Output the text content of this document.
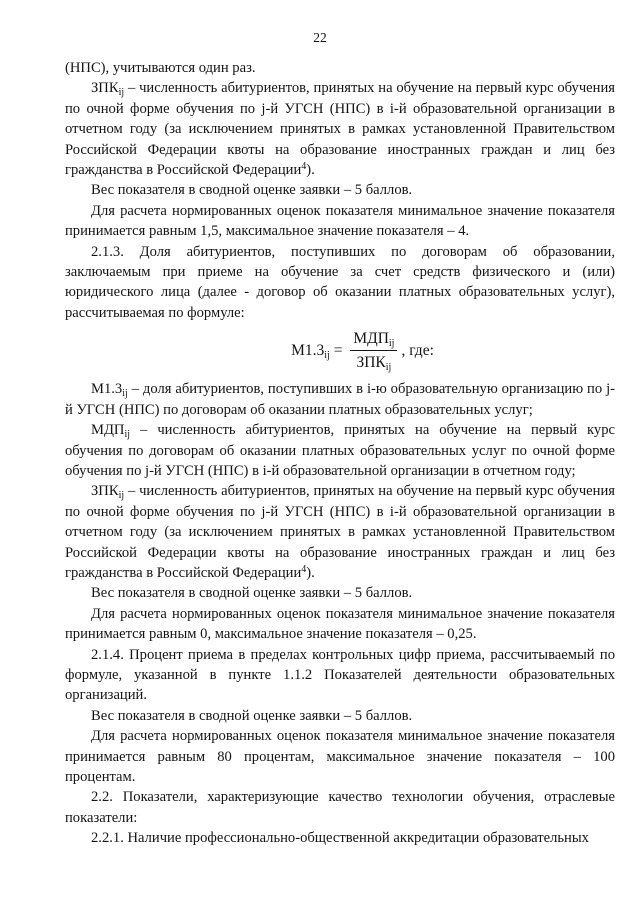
22

(НПС), учитываются один раз.

$ЗПК_{ij}$ – численность абитуриентов, принятых на обучение на первый курс обучения по очной форме обучения по j-й УГСН (НПС) в i-й образовательной организации в отчетном году (за исключением принятых в рамках установленной Правительством Российской Федерации квоты на образование иностранных граждан и лиц без гражданства в Российской Федерации$^4$).

Вес показателя в сводной оценке заявки – 5 баллов.

Для расчета нормированных оценок показателя минимальное значение показателя принимается равным 1,5, максимальное значение показателя – 4.

2.1.3. Доля абитуриентов, поступивших по договорам об образовании, заключаемым при приеме на обучение за счет средств физического и (или) юридического лица (далее - договор об оказании платных образовательных услуг), рассчитываемая по формуле:

$М1.3_{ij} = \frac{МДП_{ij}}{ЗПК_{ij}}$ , где:

$М1.3_{ij}$ – доля абитуриентов, поступивших в i-ю образовательную организацию по j-й УГСН (НПС) по договорам об оказании платных образовательных услуг;

$МДП_{ij}$ – численность абитуриентов, принятых на обучение на первый курс обучения по договорам об оказании платных образовательных услуг по очной форме обучения по j-й УГСН (НПС) в i-й образовательной организации в отчетном году;

$ЗПК_{ij}$ – численность абитуриентов, принятых на обучение на первый курс обучения по очной форме обучения по j-й УГСН (НПС) в i-й образовательной организации в отчетном году (за исключением принятых в рамках установленной Правительством Российской Федерации квоты на образование иностранных граждан и лиц без гражданства в Российской Федерации$^4$).

Вес показателя в сводной оценке заявки – 5 баллов.

Для расчета нормированных оценок показателя минимальное значение показателя принимается равным 0, максимальное значение показателя – 0,25.

2.1.4. Процент приема в пределах контрольных цифр приема, рассчитываемый по формуле, указанной в пункте 1.1.2 Показателей деятельности образовательных организаций.

Вес показателя в сводной оценке заявки – 5 баллов.

Для расчета нормированных оценок показателя минимальное значение показателя принимается равным 80 процентам, максимальное значение показателя – 100 процентам.

2.2. Показатели, характеризующие качество технологии обучения, отраслевые показатели:

2.2.1. Наличие профессионально-общественной аккредитации образовательных
